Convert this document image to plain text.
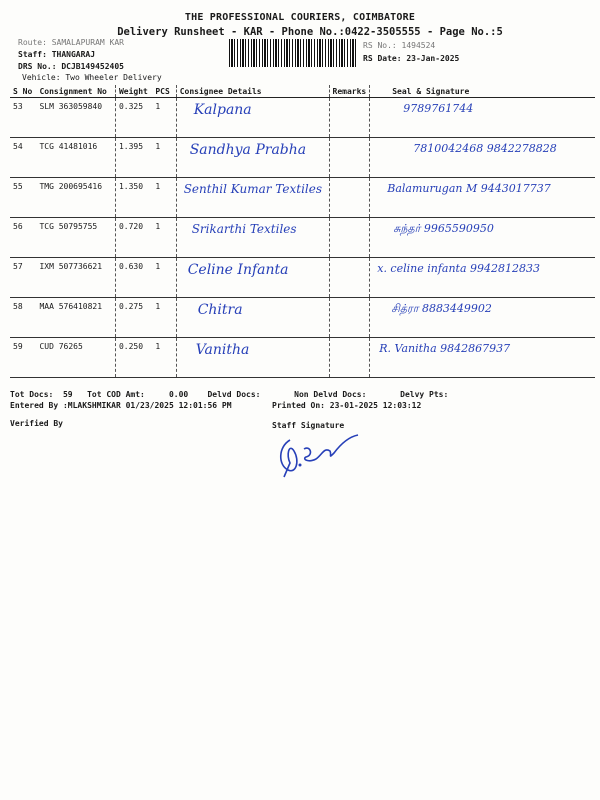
THE PROFESSIONAL COURIERS, COIMBATORE
Delivery Runsheet - KAR - Phone No.:0422-3505555 - Page No.:5
Route: SAMALAPURAM KAR
Staff: THANGARAJ
DRS No.: DCJB149452405
Vehicle: Two Wheeler Delivery
RS No.: 1494524
RS Date: 23-Jan-2025
S No	Consignment No	Weight	PCS	Consignee Details	Remarks	Seal & Signature
53	SLM 363059840	0.325	1	Kalpana		9789761744
54	TCG 41481016	1.395	1	Sandhya Prabha		7810042468 9842278828
55	TMG 200695416	1.350	1	Senthil Kumar Textiles		Balamurugan M 9443017737
56	TCG 50795755	0.720	1	Srikarthi Textiles		சுந்தர் 9965590950
57	IXM 507736621	0.630	1	Celine Infanta		x. celine infanta 9942812833
58	MAA 576410821	0.275	1	Chitra		சித்ரா 8883449902
59	CUD 76265	0.250	1	Vanitha		R. Vanitha 9842867937
Tot Docs:  59   Tot COD Amt:     0.00    Delvd Docs:       Non Delvd Docs:       Delvy Pts:
Entered By :MLAKSHMIKAR 01/23/2025 12:01:56 PM	Printed On: 23-01-2025 12:03:12
Verified By	Staff Signature
